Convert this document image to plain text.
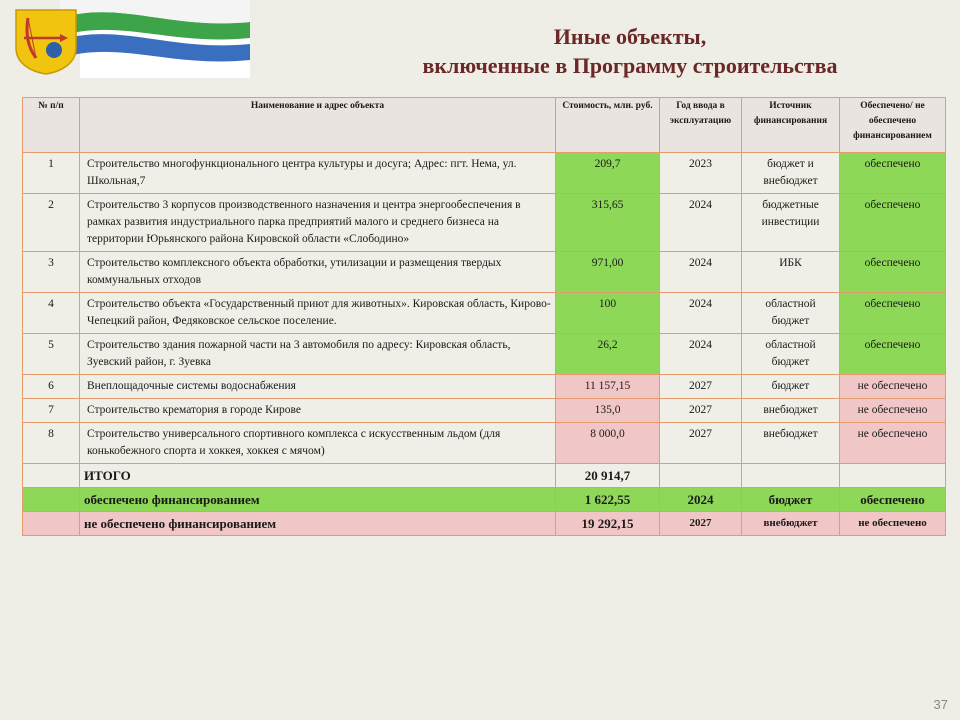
Иные объекты,
включенные в Программу строительства
№ п/п	Наименование и адрес объекта	Стоимость, млн. руб.	Год ввода в эксплуатацию	Источник финансирования	Обеспечено/ не обеспечено финансированием
1	Строительство многофункционального центра культуры и досуга; Адрес: пгт. Нема, ул. Школьная,7	209,7	2023	бюджет и внебюджет	обеспечено
2	Строительство 3 корпусов производственного назначения и центра энергообеспечения в рамках развития индустриального парка предприятий малого и среднего бизнеса на территории Юрьянского района Кировской области «Слободино»	315,65	2024	бюджетные инвестиции	обеспечено
3	Строительство комплексного объекта обработки, утилизации и размещения твердых коммунальных отходов	971,00	2024	ИБК	обеспечено
4	Строительство объекта «Государственный приют для животных». Кировская область, Кирово-Чепецкий район, Федяковское сельское поселение.	100	2024	областной бюджет	обеспечено
5	Строительство здания пожарной части на 3 автомобиля по адресу: Кировская область, Зуевский район, г. Зуевка	26,2	2024	областной бюджет	обеспечено
6	Внеплощадочные системы водоснабжения	11 157,15	2027	бюджет	не обеспечено
7	Строительство крематория в городе Кирове	135,0	2027	внебюджет	не обеспечено
8	Строительство универсального спортивного комплекса с искусственным льдом (для конькобежного спорта и хоккея, хоккея с мячом)	8 000,0	2027	внебюджет	не обеспечено
	ИТОГО	20 914,7			
	обеспечено финансированием	1 622,55	2024	бюджет	обеспечено
	не обеспечено финансированием	19 292,15	2027	внебюджет	не обеспечено
37
